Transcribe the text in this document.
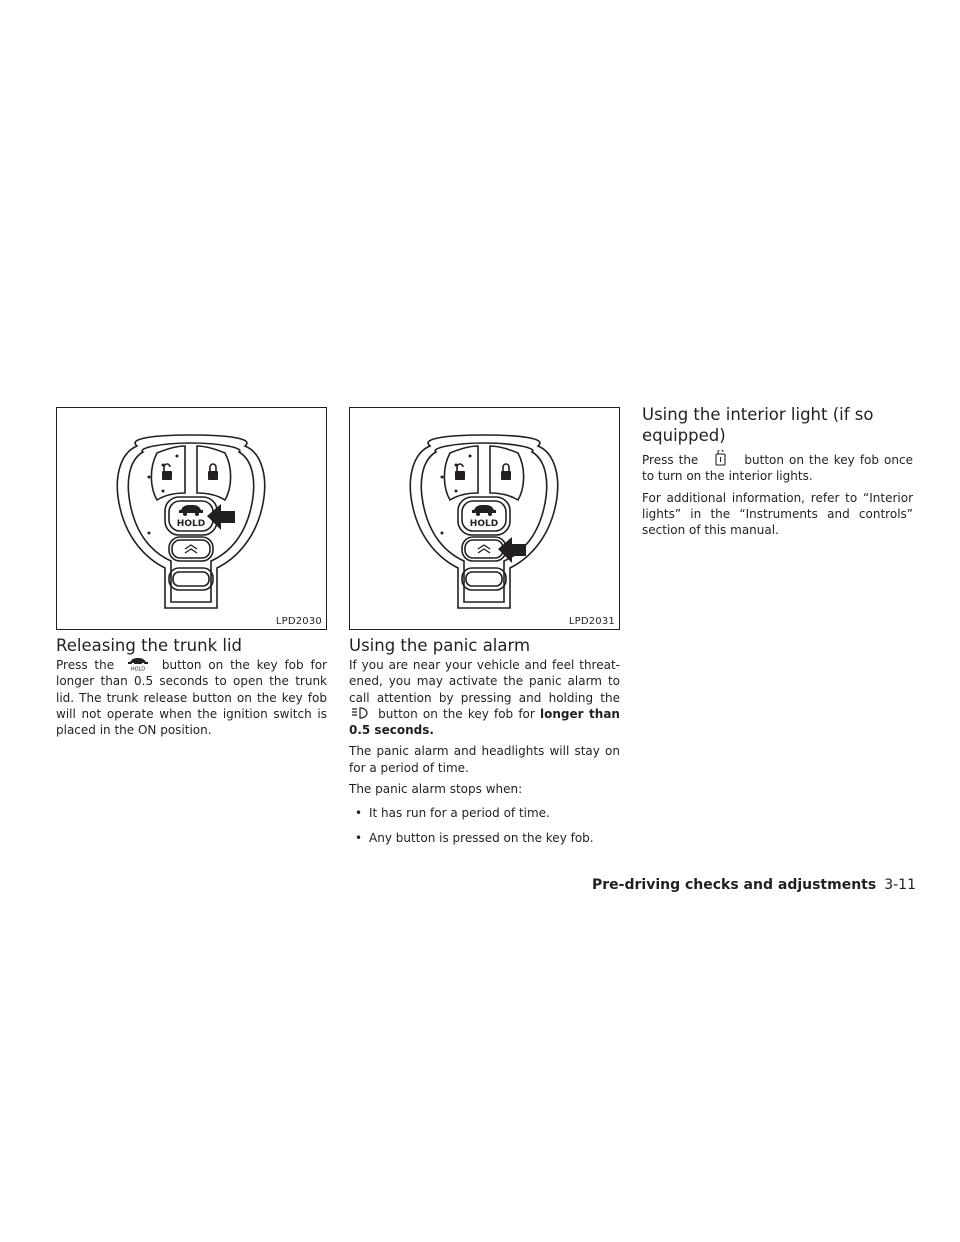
HOLD
LPD2030
Releasing the trunk lid

Press the	HOLD button on the key fob for longer than 0.5 seconds to open the trunk lid. The trunk release button on the key fob will not operate when the ignition switch is placed in the ON position.

HOLD
LPD2031
Using the panic alarm

If you are near your vehicle and feel threat-ened, you may activate the panic alarm to call attention by pressing and holding the  button on the key fob for longer than 0.5 seconds.

The panic alarm and headlights will stay on for a period of time.

The panic alarm stops when:

• It has run for a period of time.
• Any button is pressed on the key fob.
Using the interior light (if so equipped)

Press the	button on the key fob once to turn on the interior lights.

For additional information, refer to “Interior lights” in the “Instruments and controls” section of this manual.

Pre-driving checks and adjustments 3-11
